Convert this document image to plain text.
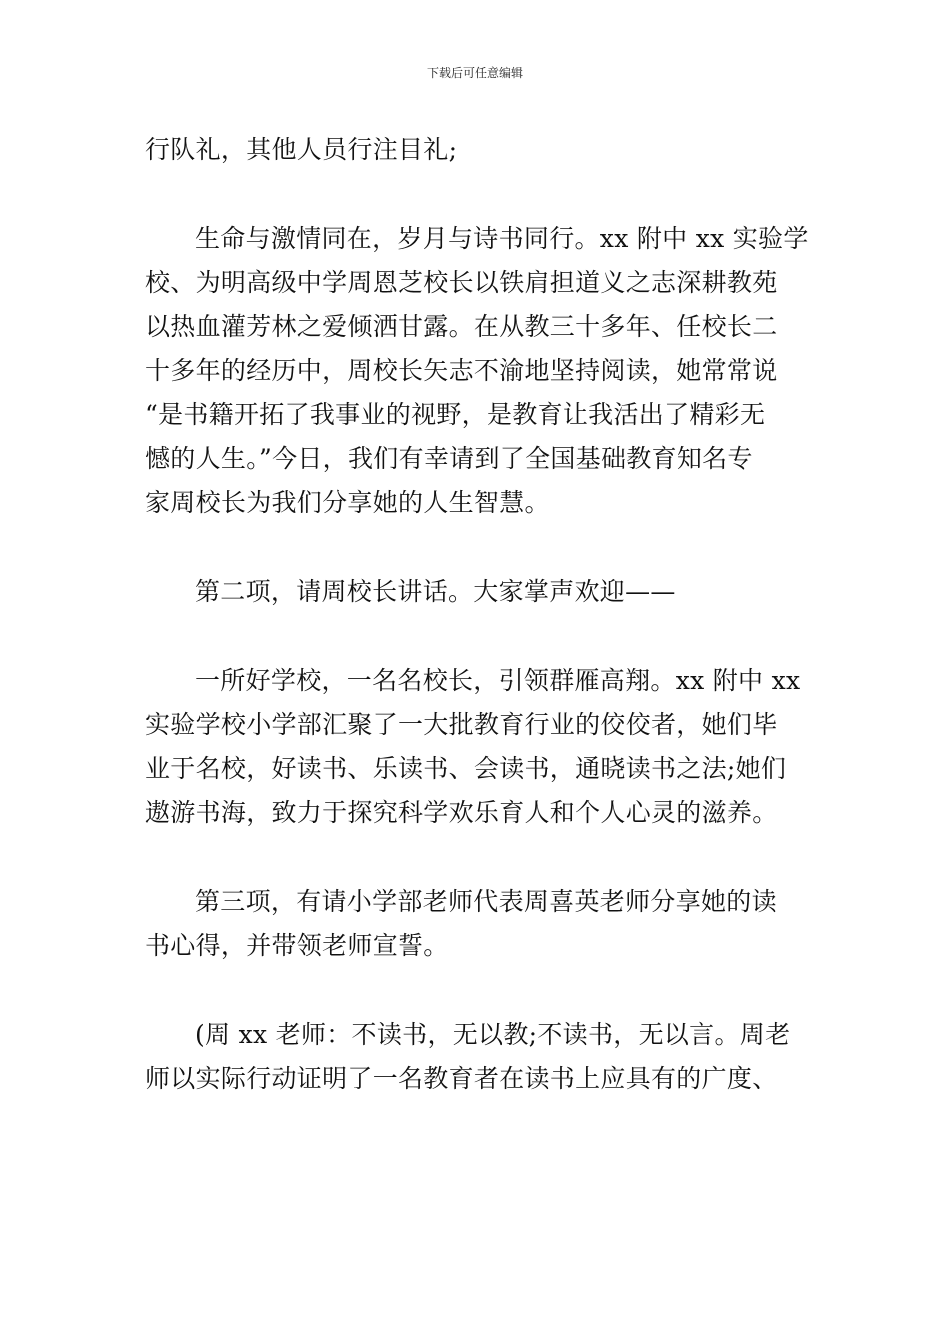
下载后可任意编辑

行队礼，其他人员行注目礼;

生命与激情同在，岁月与诗书同行。xx 附中 xx 实验学
校、为明高级中学周恩芝校长以铁肩担道义之志深耕教苑
以热血灌芳林之爱倾洒甘露。在从教三十多年、任校长二
十多年的经历中，周校长矢志不渝地坚持阅读，她常常说
“是书籍开拓了我事业的视野，是教育让我活出了精彩无
憾的人生。”今日，我们有幸请到了全国基础教育知名专
家周校长为我们分享她的人生智慧。

第二项，请周校长讲话。大家掌声欢迎——

一所好学校，一名名校长，引领群雁高翔。xx 附中 xx
实验学校小学部汇聚了一大批教育行业的佼佼者，她们毕
业于名校，好读书、乐读书、会读书，通晓读书之法;她们
遨游书海，致力于探究科学欢乐育人和个人心灵的滋养。

第三项，有请小学部老师代表周喜英老师分享她的读
书心得，并带领老师宣誓。

(周 xx 老师：不读书，无以教;不读书，无以言。周老
师以实际行动证明了一名教育者在读书上应具有的广度、
